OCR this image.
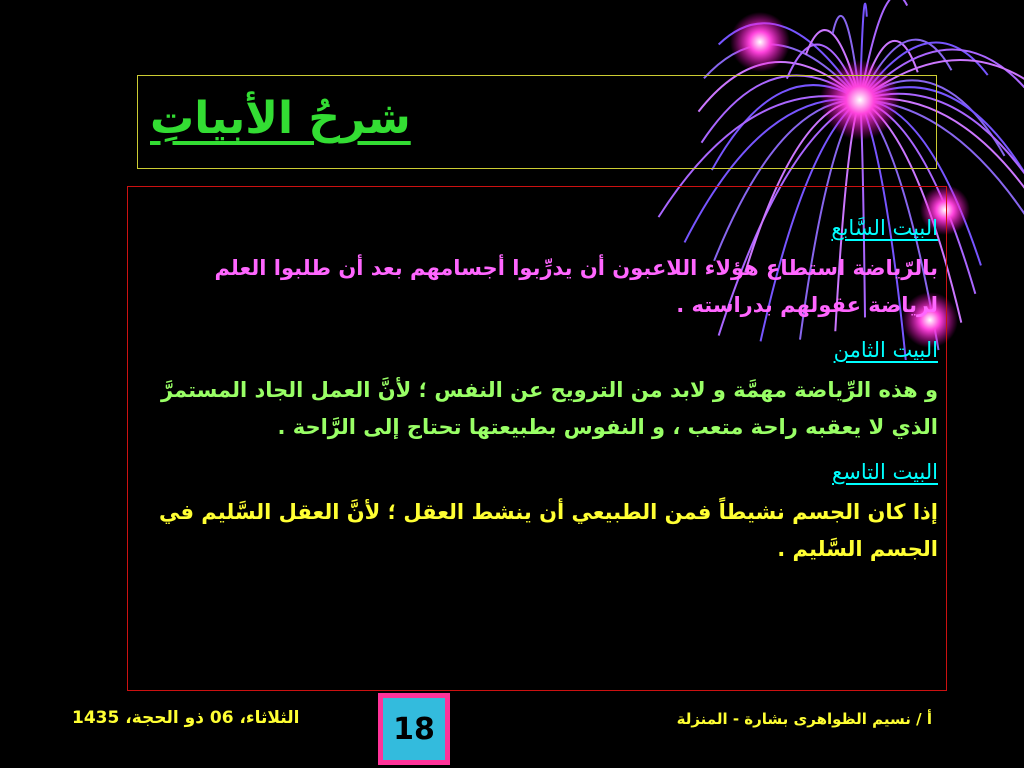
شرحُ الأبياتِ
البيت السَّابع
بالرّياضة استطاع هؤلاء اللاعبون أن يدرِّبوا أجسامهم بعد أن طلبوا العلم لرياضة عقولهم بدراسته .
البيت الثامن
و هذه الرِّياضة مهمَّة و لابد من الترويح عن النفس ؛ لأنَّ العمل الجاد المستمرَّ الذي لا يعقبه راحة متعب ، و النفوس بطبيعتها تحتاج إلى الرَّاحة .
البيت التاسع
إذا كان الجسم نشيطاً فمن الطبيعي أن ينشط العقل ؛ لأنَّ العقل السَّليم في الجسم السَّليم .
الثلاثاء، 06 ذو الحجة، 1435	18	أ / نسيم الظواهرى بشارة - المنزلة
